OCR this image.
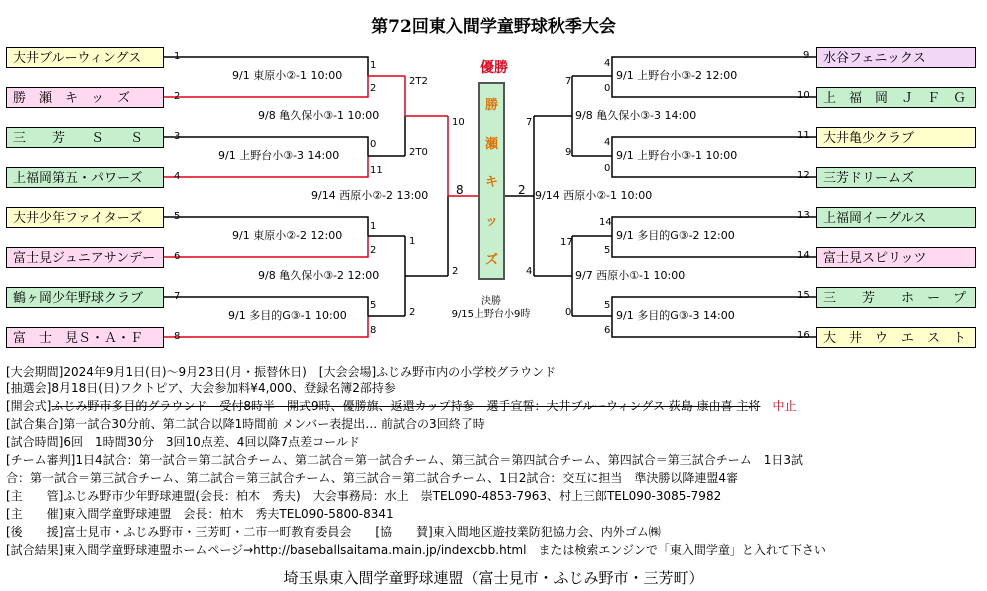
第72回東入間学童野球秋季大会
大井ブルーウィングス
勝　瀬　キ　ッ　ズ
三　　芳　　Ｓ　　Ｓ
上福岡第五・パワーズ
大井少年ファイターズ
富士見ジュニアサンデー
鶴ヶ岡少年野球クラブ
富　士　見Ｓ・Ａ・Ｆ
水谷フェニックス
上　福　岡　Ｊ　Ｆ　Ｇ
大井亀少クラブ
三芳ドリームズ
上福岡イーグルス
富士見スピリッツ
三　　芳　　ホ　ー　プ
大　井　ウ　エ　ス　ト
1
2
3
4
5
6
7
8
9
10
11
12
13
14
15
16
9/1 東原小②-1 10:00
9/8 亀久保小③-1 10:00
9/1 上野台小③-3 14:00
9/14 西原小②-2 13:00
9/1 東原小②-2 12:00
9/8 亀久保小③-2 12:00
9/1 多目的G③-1 10:00
9/1 上野台小③-2 12:00
9/8 亀久保小③-3 14:00
9/1 上野台小③-1 10:00
9/14 西原小②-1 10:00
9/1 多目的G③-2 12:00
9/7 西原小①-1 10:00
9/1 多目的G③-3 14:00
1
2
0
11
1
2
5
8
2T2
2T0
1
2
10
2
8
4
0
4
0
14
5
5
6
7
9
17
0
7
4
2
優勝
勝
瀬
キ
ッ
ズ
決勝
9/15上野台小9時
[大会期間]2024年9月1日(日)～9月23日(月・振替休日)　[大会会場]ふじみ野市内の小学校グラウンド
[抽選会]8月18日(日)フクトピア、大会参加料¥4,000、登録名簿2部持参
[開会式]ふじみ野市多目的グラウンド　受付8時半　開式9時、優勝旗、返還カップ持参　選手宣誓：大井ブルーウィングス 荻島 康由喜 主将　 中止
[試合集合]第一試合30分前、第二試合以降1時間前 メンバー表提出… 前試合の3回終了時
[試合時間]6回　1時間30分　3回10点差、4回以降7点差コールド
[チーム審判]1日4試合：第一試合＝第二試合チーム、第二試合＝第一試合チーム、第三試合＝第四試合チーム、第四試合＝第三試合チーム　1日3試
合：第一試合＝第三試合チーム、第二試合＝第三試合チーム、第三試合＝第二試合チーム、1日2試合：交互に担当　準決勝以降連盟4審
[主　　管]ふじみ野市少年野球連盟(会長：柏木　秀夫)　大会事務局：水上　崇TEL090-4853-7963、村上三郎TEL090-3085-7982
[主　　催]東入間学童野球連盟　会長：柏木　秀夫TEL090-5800-8341
[後　　援]富士見市・ふじみ野市・三芳町・二市一町教育委員会　　[協　　賛]東入間地区遊技業防犯協力会、内外ゴム㈱
[試合結果]東入間学童野球連盟ホームページ→http://baseballsaitama.main.jp/indexcbb.html　または検索エンジンで「東入間学童」と入れて下さい
埼玉県東入間学童野球連盟（富士見市・ふじみ野市・三芳町）
